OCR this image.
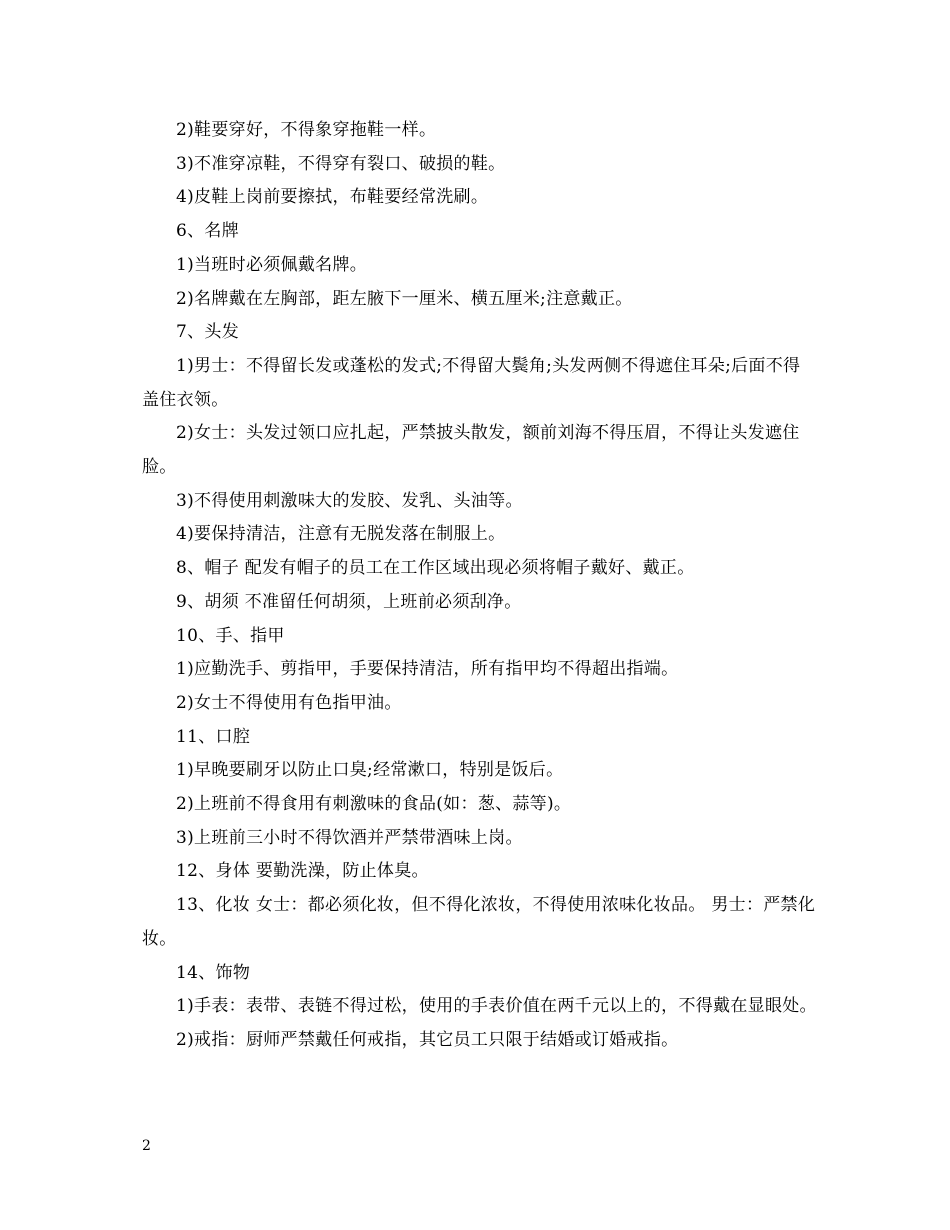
2)鞋要穿好，不得象穿拖鞋一样。

3)不准穿凉鞋，不得穿有裂口、破损的鞋。

4)皮鞋上岗前要擦拭，布鞋要经常洗刷。

6、名牌

1)当班时必须佩戴名牌。

2)名牌戴在左胸部，距左腋下一厘米、横五厘米;注意戴正。

7、头发

1)男士：不得留长发或蓬松的发式;不得留大鬓角;头发两侧不得遮住耳朵;后面不得盖住衣领。

2)女士：头发过领口应扎起，严禁披头散发，额前刘海不得压眉，不得让头发遮住脸。

3)不得使用刺激味大的发胶、发乳、头油等。

4)要保持清洁，注意有无脱发落在制服上。

8、帽子 配发有帽子的员工在工作区域出现必须将帽子戴好、戴正。

9、胡须 不准留任何胡须，上班前必须刮净。

10、手、指甲

1)应勤洗手、剪指甲，手要保持清洁，所有指甲均不得超出指端。

2)女士不得使用有色指甲油。

11、口腔

1)早晚要刷牙以防止口臭;经常漱口，特别是饭后。

2)上班前不得食用有刺激味的食品(如：葱、蒜等)。

3)上班前三小时不得饮酒并严禁带酒味上岗。

12、身体 要勤洗澡，防止体臭。

13、化妆 女士：都必须化妆，但不得化浓妆，不得使用浓味化妆品。 男士：严禁化妆。

14、饰物

1)手表：表带、表链不得过松，使用的手表价值在两千元以上的，不得戴在显眼处。

2)戒指：厨师严禁戴任何戒指，其它员工只限于结婚或订婚戒指。

2
